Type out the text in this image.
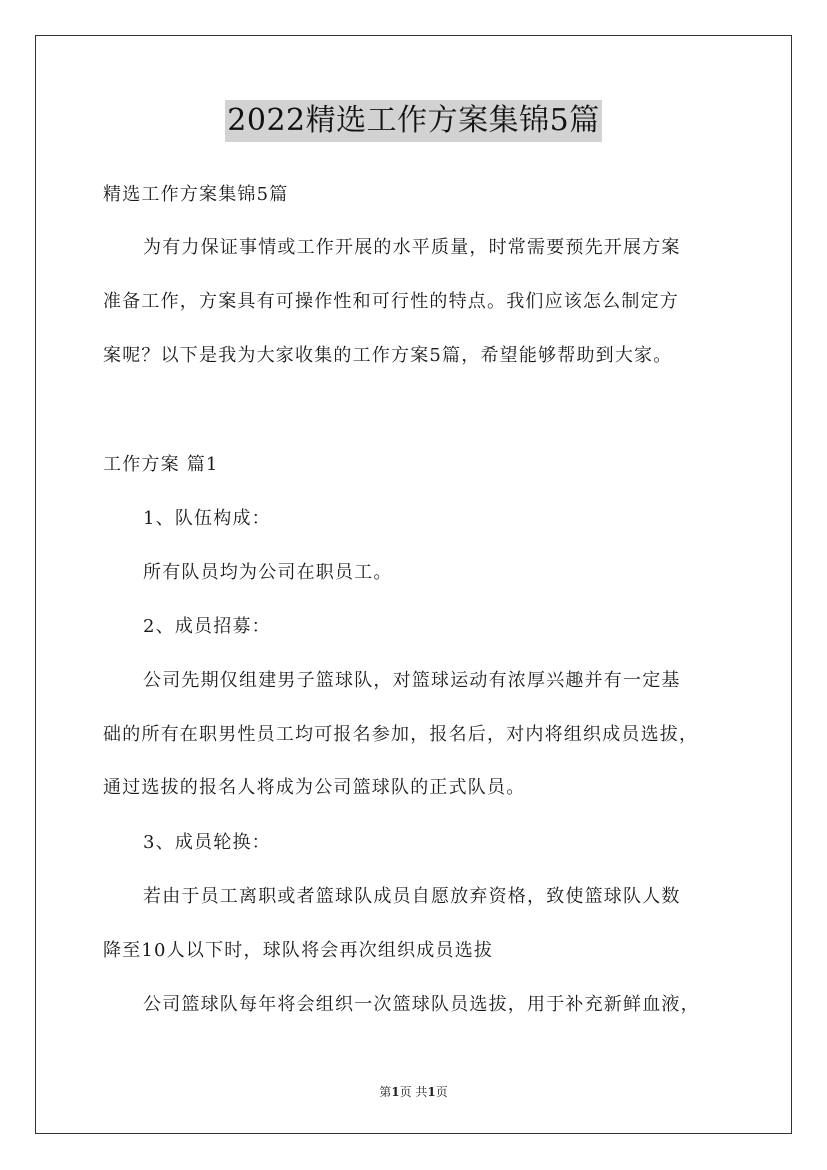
2022精选工作方案集锦5篇
精选工作方案集锦5篇
为有力保证事情或工作开展的水平质量，时常需要预先开展方案
准备工作，方案具有可操作性和可行性的特点。我们应该怎么制定方
案呢？以下是我为大家收集的工作方案5篇，希望能够帮助到大家。
工作方案 篇1
1、队伍构成：
所有队员均为公司在职员工。
2、成员招募：
公司先期仅组建男子篮球队，对篮球运动有浓厚兴趣并有一定基
础的所有在职男性员工均可报名参加，报名后，对内将组织成员选拔，
通过选拔的报名人将成为公司篮球队的正式队员。
3、成员轮换：
若由于员工离职或者篮球队成员自愿放弃资格，致使篮球队人数
降至10人以下时，球队将会再次组织成员选拔
公司篮球队每年将会组织一次篮球队员选拔，用于补充新鲜血液，
第1页 共1页
